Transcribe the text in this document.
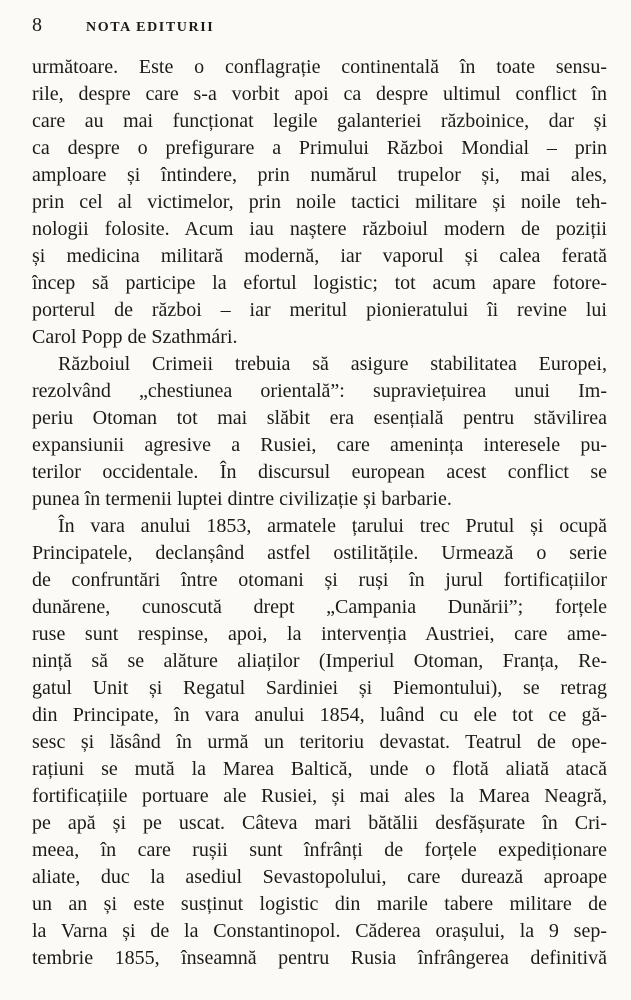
8	NOTA EDITURII
următoare. Este o conflagrație continentală în toate sensu-
rile, despre care s-a vorbit apoi ca despre ultimul conflict în
care au mai funcționat legile galanteriei războinice, dar și
ca despre o prefigurare a Primului Război Mondial – prin
amploare și întindere, prin numărul trupelor și, mai ales,
prin cel al victimelor, prin noile tactici militare și noile teh-
nologii folosite. Acum iau naștere războiul modern de poziții
și medicina militară modernă, iar vaporul și calea ferată
încep să participe la efortul logistic; tot acum apare fotore-
porterul de război – iar meritul pionieratului îi revine lui
Carol Popp de Szathmári.
Războiul Crimeii trebuia să asigure stabilitatea Europei,
rezolvând „chestiunea orientală”: supraviețuirea unui Im-
periu Otoman tot mai slăbit era esențială pentru stăvilirea
expansiunii agresive a Rusiei, care amenința interesele pu-
terilor occidentale. În discursul european acest conflict se
punea în termenii luptei dintre civilizație și barbarie.
În vara anului 1853, armatele țarului trec Prutul și ocupă
Principatele, declanșând astfel ostilitățile. Urmează o serie
de confruntări între otomani și ruși în jurul fortificațiilor
dunărene, cunoscută drept „Campania Dunării”; forțele
ruse sunt respinse, apoi, la intervenția Austriei, care ame-
nință să se alăture aliaților (Imperiul Otoman, Franța, Re-
gatul Unit și Regatul Sardiniei și Piemontului), se retrag
din Principate, în vara anului 1854, luând cu ele tot ce gă-
sesc și lăsând în urmă un teritoriu devastat. Teatrul de ope-
rațiuni se mută la Marea Baltică, unde o flotă aliată atacă
fortificațiile portuare ale Rusiei, și mai ales la Marea Neagră,
pe apă și pe uscat. Câteva mari bătălii desfășurate în Cri-
meea, în care rușii sunt înfrânți de forțele expediționare
aliate, duc la asediul Sevastopolului, care durează aproape
un an și este susținut logistic din marile tabere militare de
la Varna și de la Constantinopol. Căderea orașului, la 9 sep-
tembrie 1855, înseamnă pentru Rusia înfrângerea definitivă
